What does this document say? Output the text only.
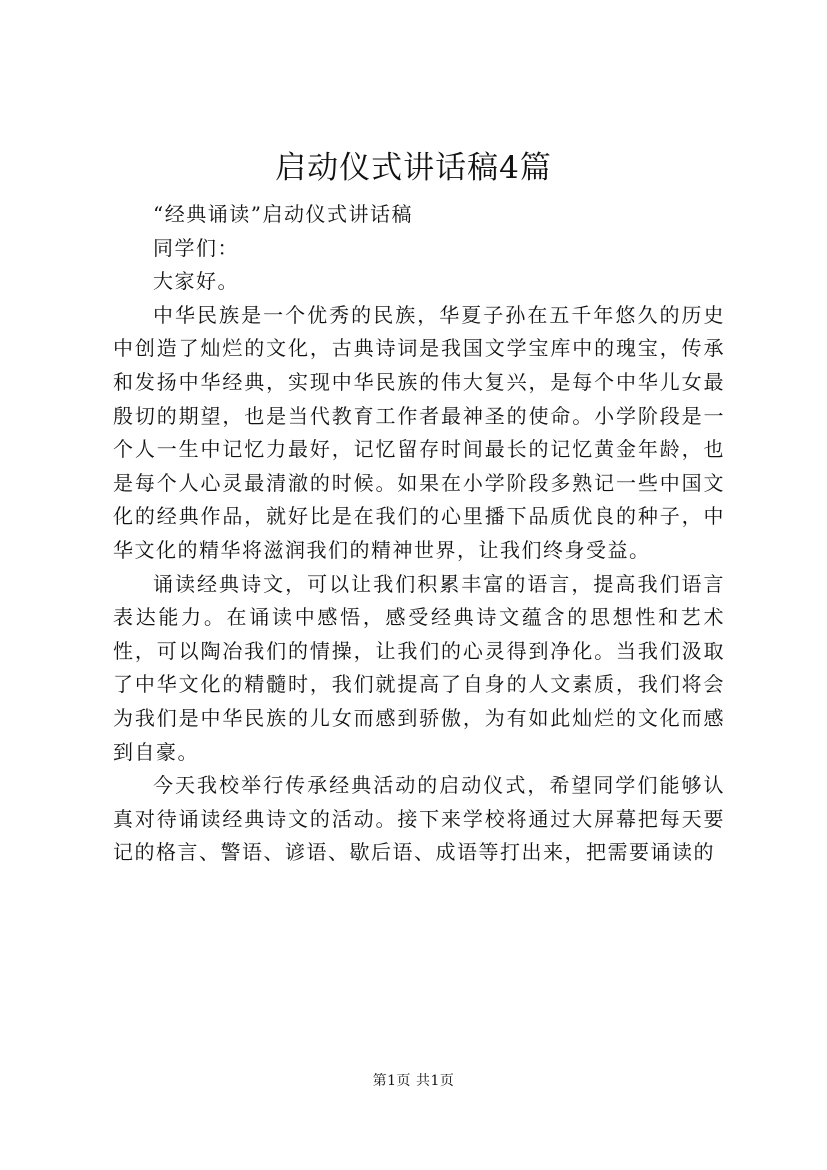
启动仪式讲话稿4篇

“经典诵读”启动仪式讲话稿

同学们：

大家好。

中华民族是一个优秀的民族，华夏子孙在五千年悠久的历史中创造了灿烂的文化，古典诗词是我国文学宝库中的瑰宝，传承和发扬中华经典，实现中华民族的伟大复兴，是每个中华儿女最殷切的期望，也是当代教育工作者最神圣的使命。小学阶段是一个人一生中记忆力最好，记忆留存时间最长的记忆黄金年龄，也是每个人心灵最清澈的时候。如果在小学阶段多熟记一些中国文化的经典作品，就好比是在我们的心里播下品质优良的种子，中华文化的精华将滋润我们的精神世界，让我们终身受益。

诵读经典诗文，可以让我们积累丰富的语言，提高我们语言表达能力。在诵读中感悟，感受经典诗文蕴含的思想性和艺术性，可以陶冶我们的情操，让我们的心灵得到净化。当我们汲取了中华文化的精髓时，我们就提高了自身的人文素质，我们将会为我们是中华民族的儿女而感到骄傲，为有如此灿烂的文化而感到自豪。

今天我校举行传承经典活动的启动仪式，希望同学们能够认真对待诵读经典诗文的活动。接下来学校将通过大屏幕把每天要记的格言、警语、谚语、歇后语、成语等打出来，把需要诵读的

第1页 共1页
